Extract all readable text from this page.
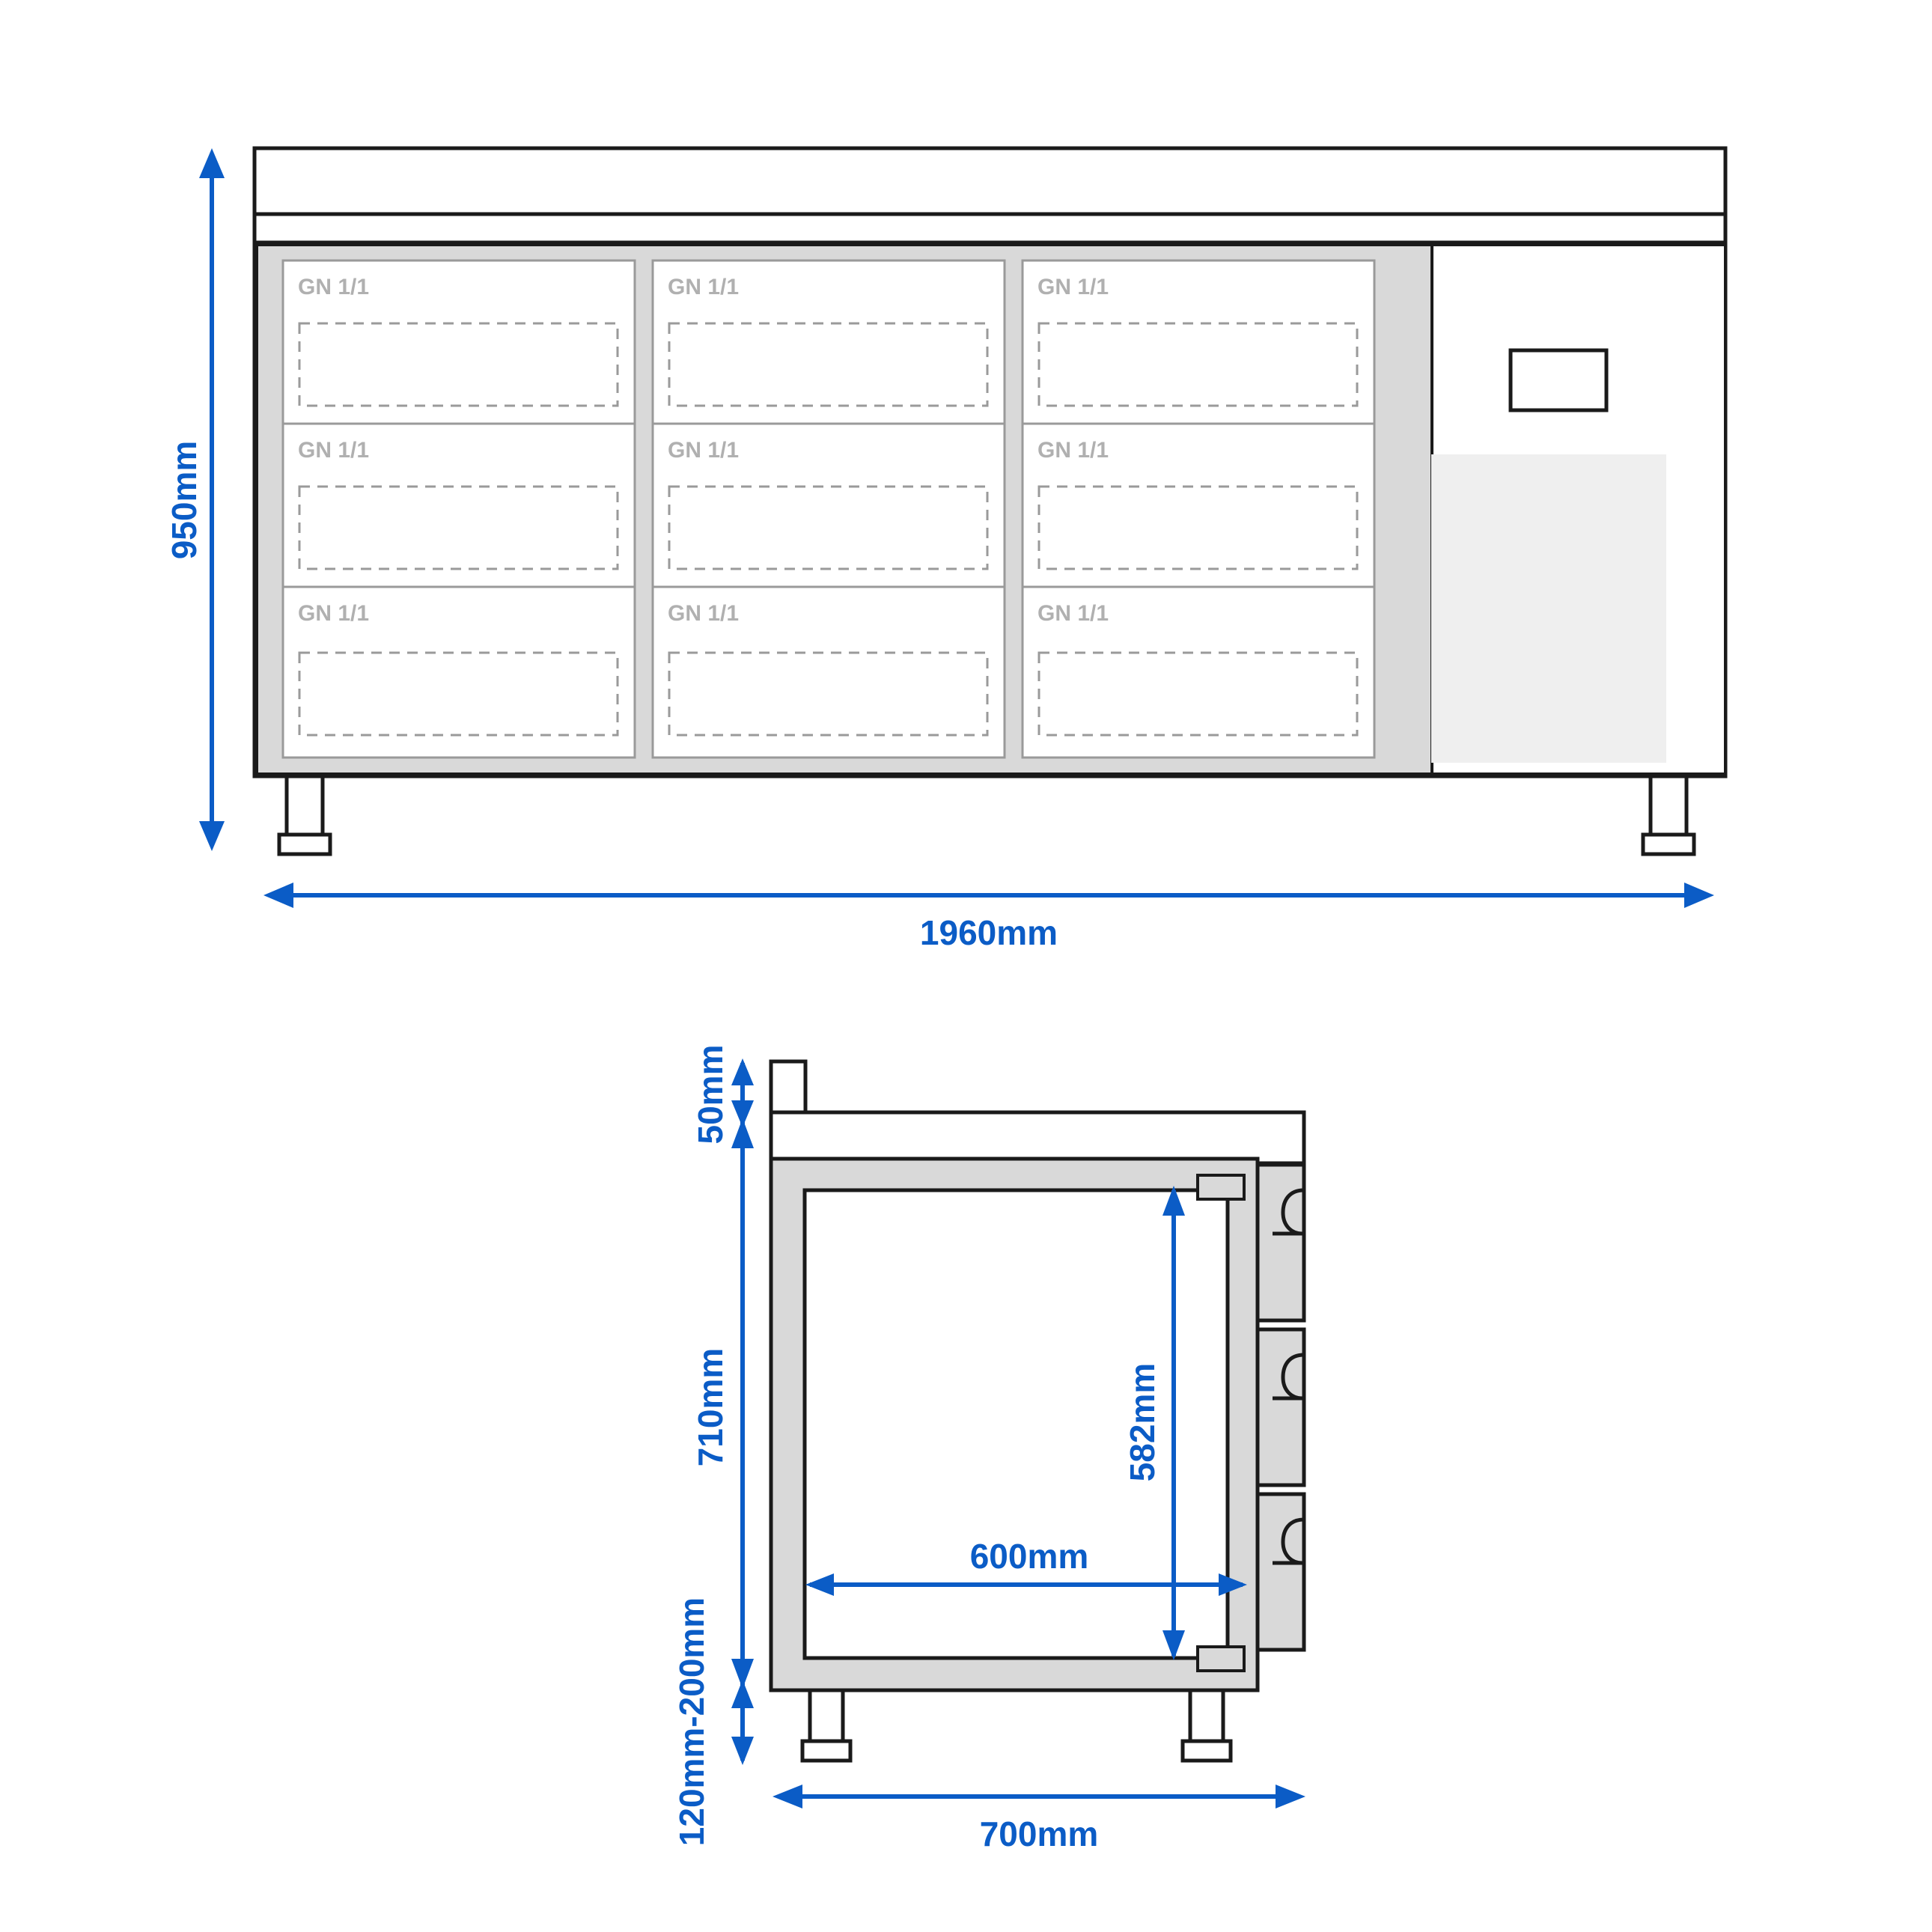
GN 1/1	GN 1/1	GN 1/1
GN 1/1	GN 1/1	GN 1/1
GN 1/1	GN 1/1	GN 1/1
950mm
1960mm
50mm
710mm
120mm-200mm
582mm
600mm
700mm
